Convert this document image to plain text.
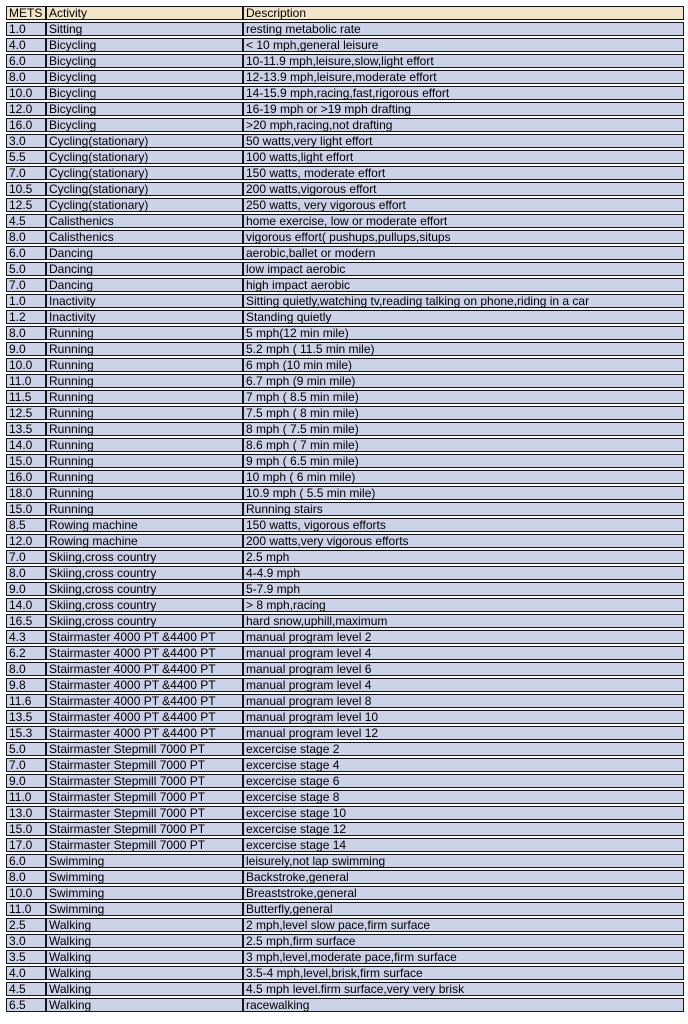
METS	Activity	Description
1.0	Sitting	resting metabolic rate
4.0	Bicycling	< 10 mph,general leisure
6.0	Bicycling	10-11.9 mph,leisure,slow,light effort
8.0	Bicycling	12-13.9 mph,leisure,moderate effort
10.0	Bicycling	14-15.9 mph,racing,fast,rigorous effort
12.0	Bicycling	16-19 mph or >19 mph drafting
16.0	Bicycling	>20 mph,racing,not drafting
3.0	Cycling(stationary)	50 watts,very light effort
5.5	Cycling(stationary)	100 watts,light effort
7.0	Cycling(stationary)	150 watts, moderate effort
10.5	Cycling(stationary)	200 watts,vigorous effort
12.5	Cycling(stationary)	250 watts, very vigorous effort
4.5	Calisthenics	home exercise, low or moderate effort
8.0	Calisthenics	vigorous effort( pushups,pullups,situps
6.0	Dancing	aerobic,ballet or modern
5.0	Dancing	low impact aerobic
7.0	Dancing	high impact aerobic
1.0	Inactivity	Sitting quietly,watching tv,reading talking on phone,riding in a car
1.2	Inactivity	Standing quietly
8.0	Running	5 mph(12 min mile)
9.0	Running	5.2 mph ( 11.5 min mile)
10.0	Running	6 mph (10 min mile)
11.0	Running	6.7 mph (9 min mile)
11.5	Running	7 mph ( 8.5 min mile)
12.5	Running	7.5 mph ( 8 min mile)
13.5	Running	8 mph ( 7.5 min mile)
14.0	Running	8.6 mph ( 7 min mile)
15.0	Running	9 mph ( 6.5 min mile)
16.0	Running	10 mph ( 6 min mile)
18.0	Running	10.9 mph ( 5.5 min mile)
15.0	Running	Running stairs
8.5	Rowing machine	150 watts, vigorous efforts
12.0	Rowing machine	200 watts,very vigorous efforts
7.0	Skiing,cross country	2.5 mph
8.0	Skiing,cross country	4-4.9 mph
9.0	Skiing,cross country	5-7.9 mph
14.0	Skiing,cross country	> 8 mph,racing
16.5	Skiing,cross country	hard snow,uphill,maximum
4.3	Stairmaster 4000 PT &4400 PT	manual program level 2
6.2	Stairmaster 4000 PT &4400 PT	manual program level 4
8.0	Stairmaster 4000 PT &4400 PT	manual program level 6
9.8	Stairmaster 4000 PT &4400 PT	manual program level 4
11.6	Stairmaster 4000 PT &4400 PT	manual program level 8
13.5	Stairmaster 4000 PT &4400 PT	manual program level 10
15.3	Stairmaster 4000 PT &4400 PT	manual program level 12
5.0	Stairmaster Stepmill 7000 PT	excercise stage 2
7.0	Stairmaster Stepmill 7000 PT	excercise stage 4
9.0	Stairmaster Stepmill 7000 PT	excercise stage 6
11.0	Stairmaster Stepmill 7000 PT	excercise stage 8
13.0	Stairmaster Stepmill 7000 PT	excercise stage 10
15.0	Stairmaster Stepmill 7000 PT	excercise stage 12
17.0	Stairmaster Stepmill 7000 PT	excercise stage 14
6.0	Swimming	leisurely,not lap swimming
8.0	Swimming	Backstroke,general
10.0	Swimming	Breaststroke,general
11.0	Swimming	Butterfly,general
2.5	Walking	2 mph,level slow pace,firm surface
3.0	Walking	2.5 mph,firm surface
3.5	Walking	3 mph,level,moderate pace,firm surface
4.0	Walking	3.5-4 mph,level,brisk,firm surface
4.5	Walking	4.5 mph level.firm surface,very very brisk
6.5	Walking	racewalking
